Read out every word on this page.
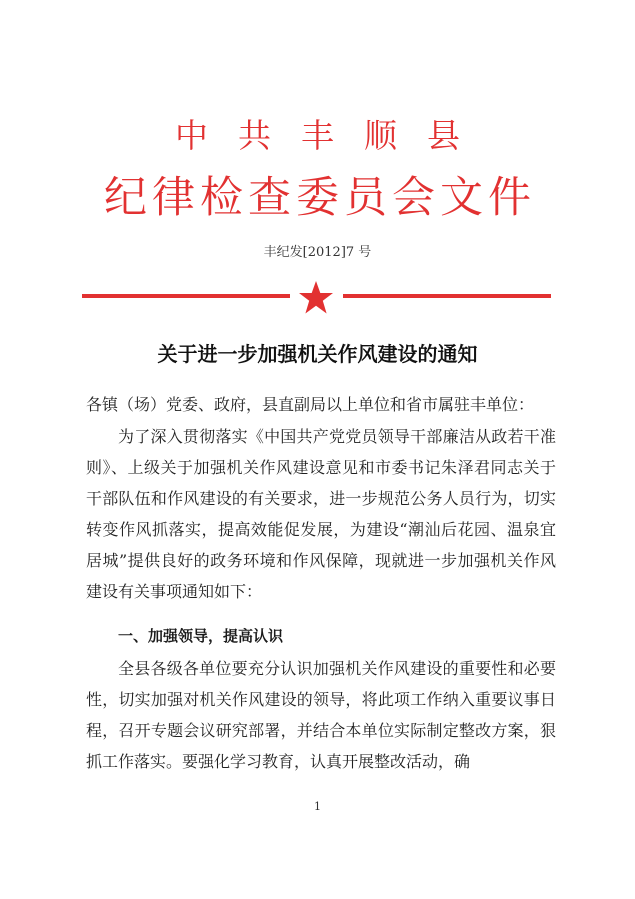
中共丰顺县
纪律检查委员会文件
丰纪发[2012]7 号
关于进一步加强机关作风建设的通知
各镇（场）党委、政府，县直副局以上单位和省市属驻丰单位：
为了深入贯彻落实《中国共产党党员领导干部廉洁从政若干准则》、上级关于加强机关作风建设意见和市委书记朱泽君同志关于干部队伍和作风建设的有关要求，进一步规范公务人员行为，切实转变作风抓落实，提高效能促发展，为建设“潮汕后花园、温泉宜居城”提供良好的政务环境和作风保障，现就进一步加强机关作风建设有关事项通知如下：
一、加强领导，提高认识
全县各级各单位要充分认识加强机关作风建设的重要性和必要性，切实加强对机关作风建设的领导，将此项工作纳入重要议事日程，召开专题会议研究部署，并结合本单位实际制定整改方案，狠抓工作落实。要强化学习教育，认真开展整改活动，确
1
